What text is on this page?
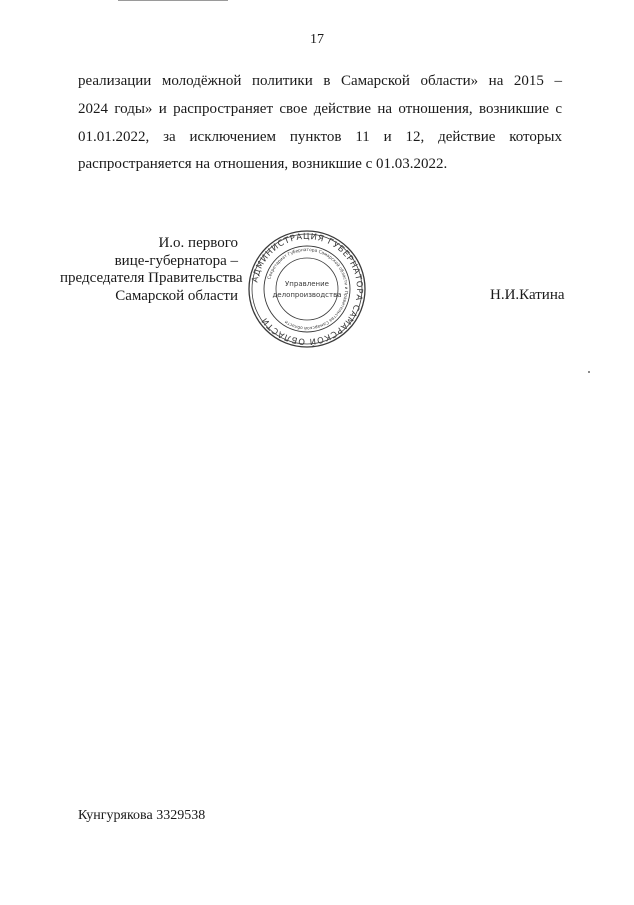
17
реализации молодёжной политики в Самарской области» на 2015 –
2024 годы» и распространяет свое действие на отношения, возникшие с
01.01.2022, за исключением пунктов 11 и 12, действие которых
распространяется на отношения, возникшие с 01.03.2022.
И.о. первого
вице-губернатора –
председателя Правительства
Самарской области
АДМИНИСТРАЦИЯ ГУБЕРНАТОРА САМАРСКОЙ ОБЛАСТИ
Секретариат Губернатора Самарской области и Правительства Самарской области
Управление
делопроизводства	Н.И.Катина
Кунгурякова 3329538
